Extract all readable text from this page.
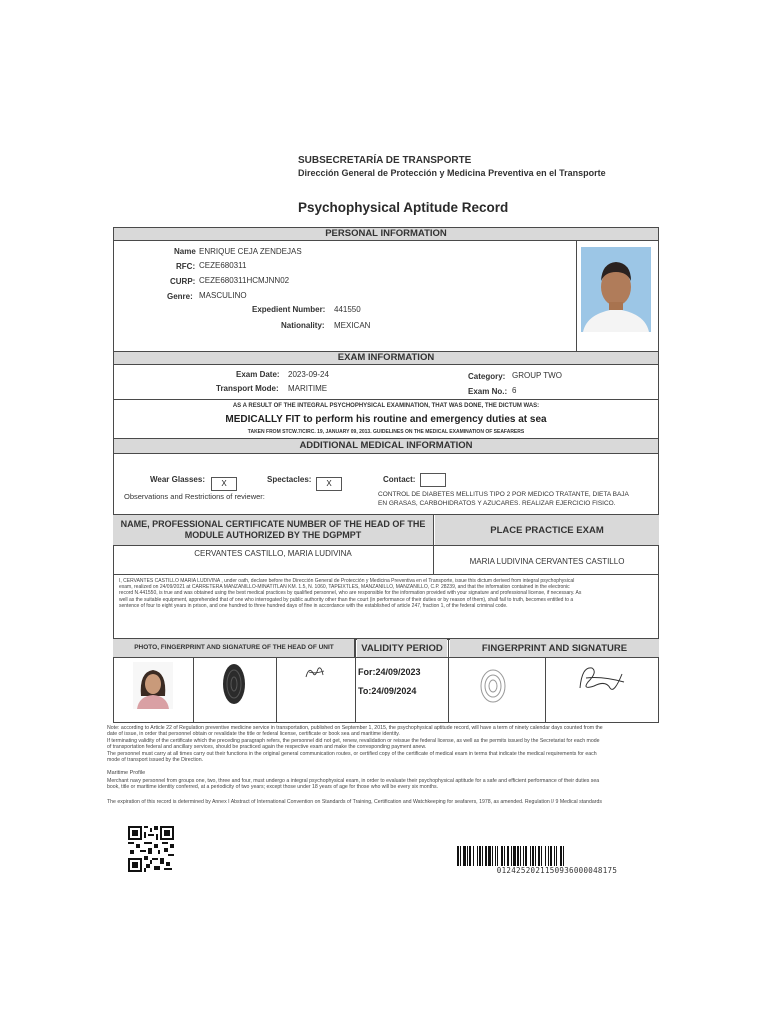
SUBSECRETARÍA DE TRANSPORTE
Dirección General de Protección y Medicina Preventiva en el Transporte
Psychophysical Aptitude Record
PERSONAL INFORMATION
Name ENRIQUE CEJA ZENDEJAS
RFC: CEZE680311
CURP: CEZE680311HCMJNN02
Genre: MASCULINO
Expedient Number: 441550
Nationality: MEXICAN
EXAM INFORMATION
Exam Date: 2023-09-24
Transport Mode: MARITIME
Category: GROUP TWO
Exam No.: 6
AS A RESULT OF THE INTEGRAL PSYCHOPHYSICAL EXAMINATION, THAT WAS DONE, THE DICTUM WAS:
MEDICALLY FIT to perform his routine and emergency duties at sea
TAKEN FROM STCW.7/CIRC. 19, JANUARY 09, 2013. GUIDELINES ON THE MEDICAL EXAMINATION OF SEAFARERS
ADDITIONAL MEDICAL INFORMATION
Wear Glasses:	X	Spectacles:	X	Contact:
Observations and Restrictions of reviewer:	CONTROL DE DIABETES MELLITUS TIPO 2 POR MEDICO TRATANTE, DIETA BAJA
EN GRASAS, CARBOHIDRATOS Y AZUCARES. REALIZAR EJERCICIO FISICO.
NAME, PROFESSIONAL CERTIFICATE NUMBER OF THE HEAD OF THE
MODULE AUTHORIZED BY THE DGPMPT	PLACE PRACTICE EXAM
CERVANTES CASTILLO, MARIA LUDIVINA
MARIA LUDIVINA CERVANTES CASTILLO
I, CERVANTES CASTILLO MARIA LUDIVINA , under oath, declare before the Dirección General de Protección y Medicina Preventiva en el Transporte, issue this dictum derived from integral psychophysical
exam, realized on 24/09/2021 at CARRETERA MANZANILLO-MINATITLAN KM. 1.5, N. 1060, TAPEIXTLES, MANZANILLO, MANZANILLO, C.P. 28239, and that the information contained in the electronic
record N.441550, is true and was obtained using the best medical practices by qualified personnel, who are responsible for the information provided with your signature and professional license, if necessary. As
well as the suitable equipment, apprehended that of one who interrogated by public authority other than the court (in performance of their duties or by reason of them), shall fail to truth, becomes entitled to a
sentence of four to eight years in prison, and one hundred to three hundred days of fine in accordance with the established of article 247, fraction 1, of the federal criminal code.
PHOTO, FINGERPRINT AND SIGNATURE OF THE HEAD OF UNIT	VALIDITY PERIOD	FINGERPRINT AND SIGNATURE
For:24/09/2023
To:24/09/2024
Note: according to Article 22 of Regulation preventive medicine service in transportation, published on September 1, 2015, the psychophysical aptitude record, will have a term of ninety calendar days counted from the
date of issue, in order that personnel obtain or revalidate the title or federal license, certificate or book sea and maritime identity.
If terminating validity of the certificate which the preceding paragraph refers, the personnel did not get, renew, revalidation or reissue the federal license, as well as the permits issued by the Secretariat for each mode
of transportation federal and ancillary services, should be practiced again the respective exam and make the corresponding payment anew.
The personnel must carry at all times carry out their functions in the original general communication routes, or certified copy of the certificate of medical exam in terms that indicate the medical requirements for each
mode of transport issued by the Direction.
Maritime Profile
Merchant navy personnel from groups one, two, three and four, must undergo a integral psychophysical exam, in order to evaluate their psychophysical aptitude for a safe and efficient performance of their duties sea
book, title or maritime identity conferred, at a periodicity of two years; except those under 18 years of age for those who will be every six months.
The expiration of this record is determined by Annex I Abstract of International Convention on Standards of Training, Certification and Watchkeeping for seafarers, 1978, as amended. Regulation I/ 9 Medical standards
012425202115093600004817​5
